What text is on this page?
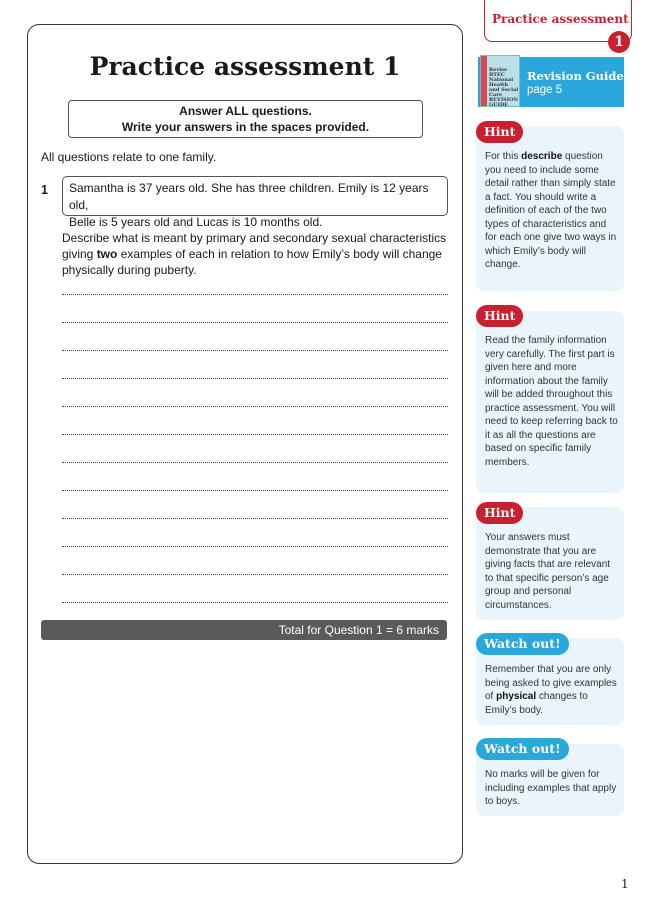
Practice assessment
1
Practice assessment 1
Answer ALL questions.
Write your answers in the spaces provided.
All questions relate to one family.
1 Samantha is 37 years old. She has three children. Emily is 12 years old,
Belle is 5 years old and Lucas is 10 months old.
Describe what is meant by primary and secondary sexual characteristics giving two examples of each in relation to how Emily’s body will change physically during puberty.
Total for Question 1 = 6 marks
Revise BTEC National Health and Social Care REVISION GUIDE
Revision Guide
page 5
For this describe question you need to include some detail rather than simply state a fact. You should write a definition of each of the two types of characteristics and for each one give two ways in which Emily’s body will change.
Hint
Read the family information very carefully. The first part is given here and more information about the family will be added throughout this practice assessment. You will need to keep referring back to it as all the questions are based on specific family members.
Hint
Your answers must demonstrate that you are giving facts that are relevant to that specific person’s age group and personal circumstances.
Hint
Remember that you are only being asked to give examples of physical changes to Emily’s body.
Watch out!
No marks will be given for including examples that apply to boys.
Watch out!
1
